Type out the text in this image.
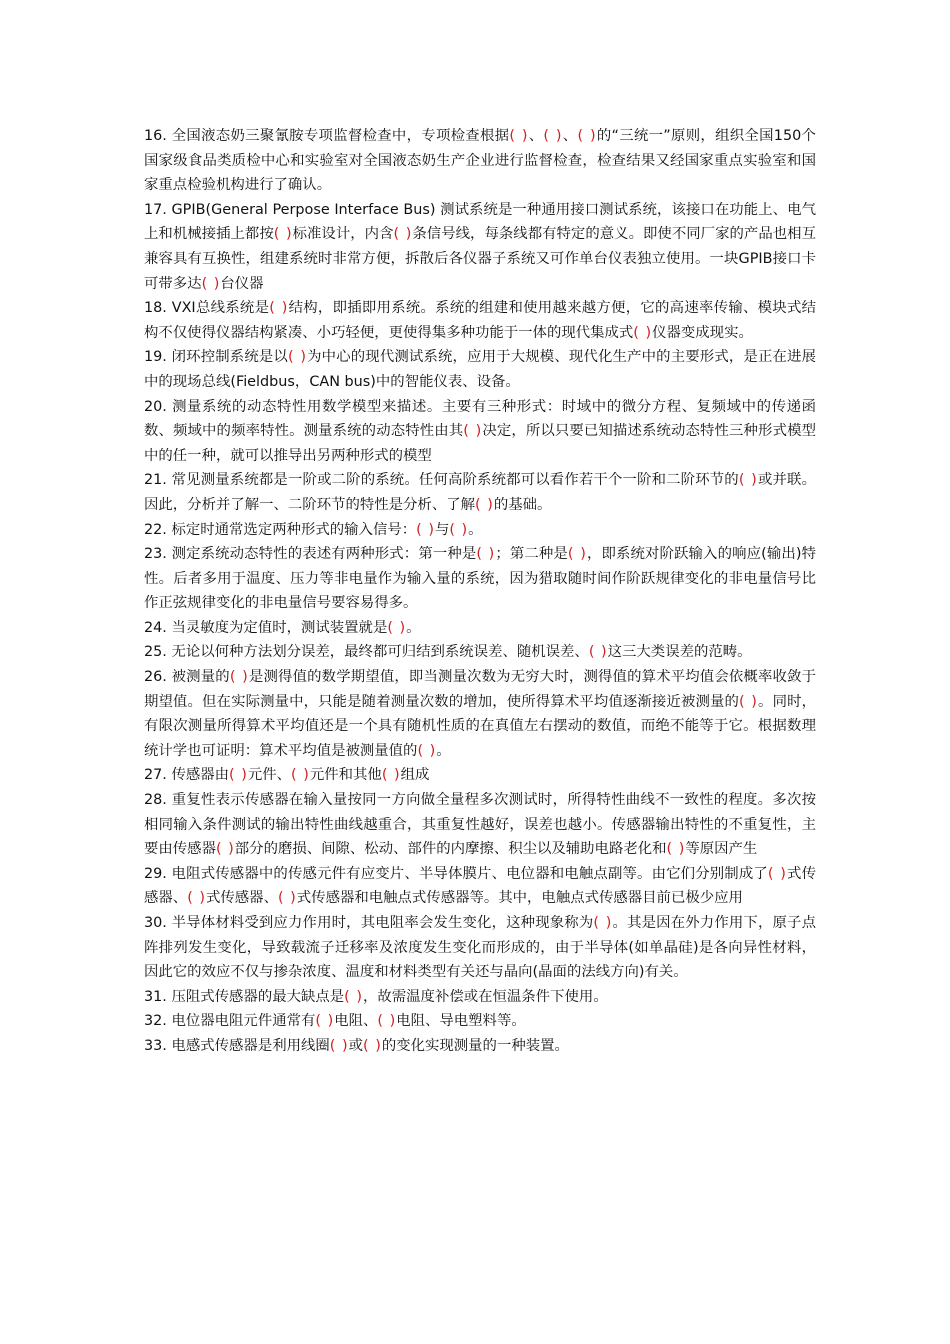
16. 全国液态奶三聚氰胺专项监督检查中，专项检查根据( )、( )、( )的“三统一”原则，组织全国150个国家级食品类质检中心和实验室对全国液态奶生产企业进行监督检查，检查结果又经国家重点实验室和国家重点检验机构进行了确认。

17. GPIB(General Perpose Interface Bus) 测试系统是一种通用接口测试系统，该接口在功能上、电气上和机械接插上都按( )标准设计，内含( )条信号线，每条线都有特定的意义。即使不同厂家的产品也相互兼容具有互换性，组建系统时非常方便，拆散后各仪器子系统又可作单台仪表独立使用。一块GPIB接口卡可带多达( )台仪器

18. VXI总线系统是( )结构，即插即用系统。系统的组建和使用越来越方便，它的高速率传输、模块式结构不仅使得仪器结构紧凑、小巧轻便，更使得集多种功能于一体的现代集成式( )仪器变成现实。

19. 闭环控制系统是以( )为中心的现代测试系统，应用于大规模、现代化生产中的主要形式，是正在进展中的现场总线(Fieldbus，CAN bus)中的智能仪表、设备。

20. 测量系统的动态特性用数学模型来描述。主要有三种形式：时域中的微分方程、复频域中的传递函数、频域中的频率特性。测量系统的动态特性由其( )决定，所以只要已知描述系统动态特性三种形式模型中的任一种，就可以推导出另两种形式的模型

21. 常见测量系统都是一阶或二阶的系统。任何高阶系统都可以看作若干个一阶和二阶环节的( )或并联。因此，分析并了解一、二阶环节的特性是分析、了解( )的基础。

22. 标定时通常选定两种形式的输入信号：( )与( )。

23. 测定系统动态特性的表述有两种形式：第一种是( )；第二种是( )，即系统对阶跃输入的响应(输出)特性。后者多用于温度、压力等非电量作为输入量的系统，因为猎取随时间作阶跃规律变化的非电量信号比作正弦规律变化的非电量信号要容易得多。

24. 当灵敏度为定值时，测试装置就是( )。

25. 无论以何种方法划分误差，最终都可归结到系统误差、随机误差、( )这三大类误差的范畴。

26. 被测量的( )是测得值的数学期望值，即当测量次数为无穷大时，测得值的算术平均值会依概率收敛于期望值。但在实际测量中，只能是随着测量次数的增加，使所得算术平均值逐渐接近被测量的( )。同时，有限次测量所得算术平均值还是一个具有随机性质的在真值左右摆动的数值，而绝不能等于它。根据数理统计学也可证明：算术平均值是被测量值的( )。

27. 传感器由( )元件、( )元件和其他( )组成

28. 重复性表示传感器在输入量按同一方向做全量程多次测试时，所得特性曲线不一致性的程度。多次按相同输入条件测试的输出特性曲线越重合，其重复性越好，误差也越小。传感器输出特性的不重复性，主要由传感器( )部分的磨损、间隙、松动、部件的内摩擦、积尘以及辅助电路老化和( )等原因产生

29. 电阻式传感器中的传感元件有应变片、半导体膜片、电位器和电触点副等。由它们分别制成了( )式传感器、( )式传感器、( )式传感器和电触点式传感器等。其中，电触点式传感器目前已极少应用

30. 半导体材料受到应力作用时，其电阻率会发生变化，这种现象称为( )。其是因在外力作用下，原子点阵排列发生变化，导致载流子迁移率及浓度发生变化而形成的，由于半导体(如单晶硅)是各向异性材料，因此它的效应不仅与掺杂浓度、温度和材料类型有关还与晶向(晶面的法线方向)有关。

31. 压阻式传感器的最大缺点是( )，故需温度补偿或在恒温条件下使用。

32. 电位器电阻元件通常有( )电阻、( )电阻、导电塑料等。

33. 电感式传感器是利用线圈( )或( )的变化实现测量的一种装置。
